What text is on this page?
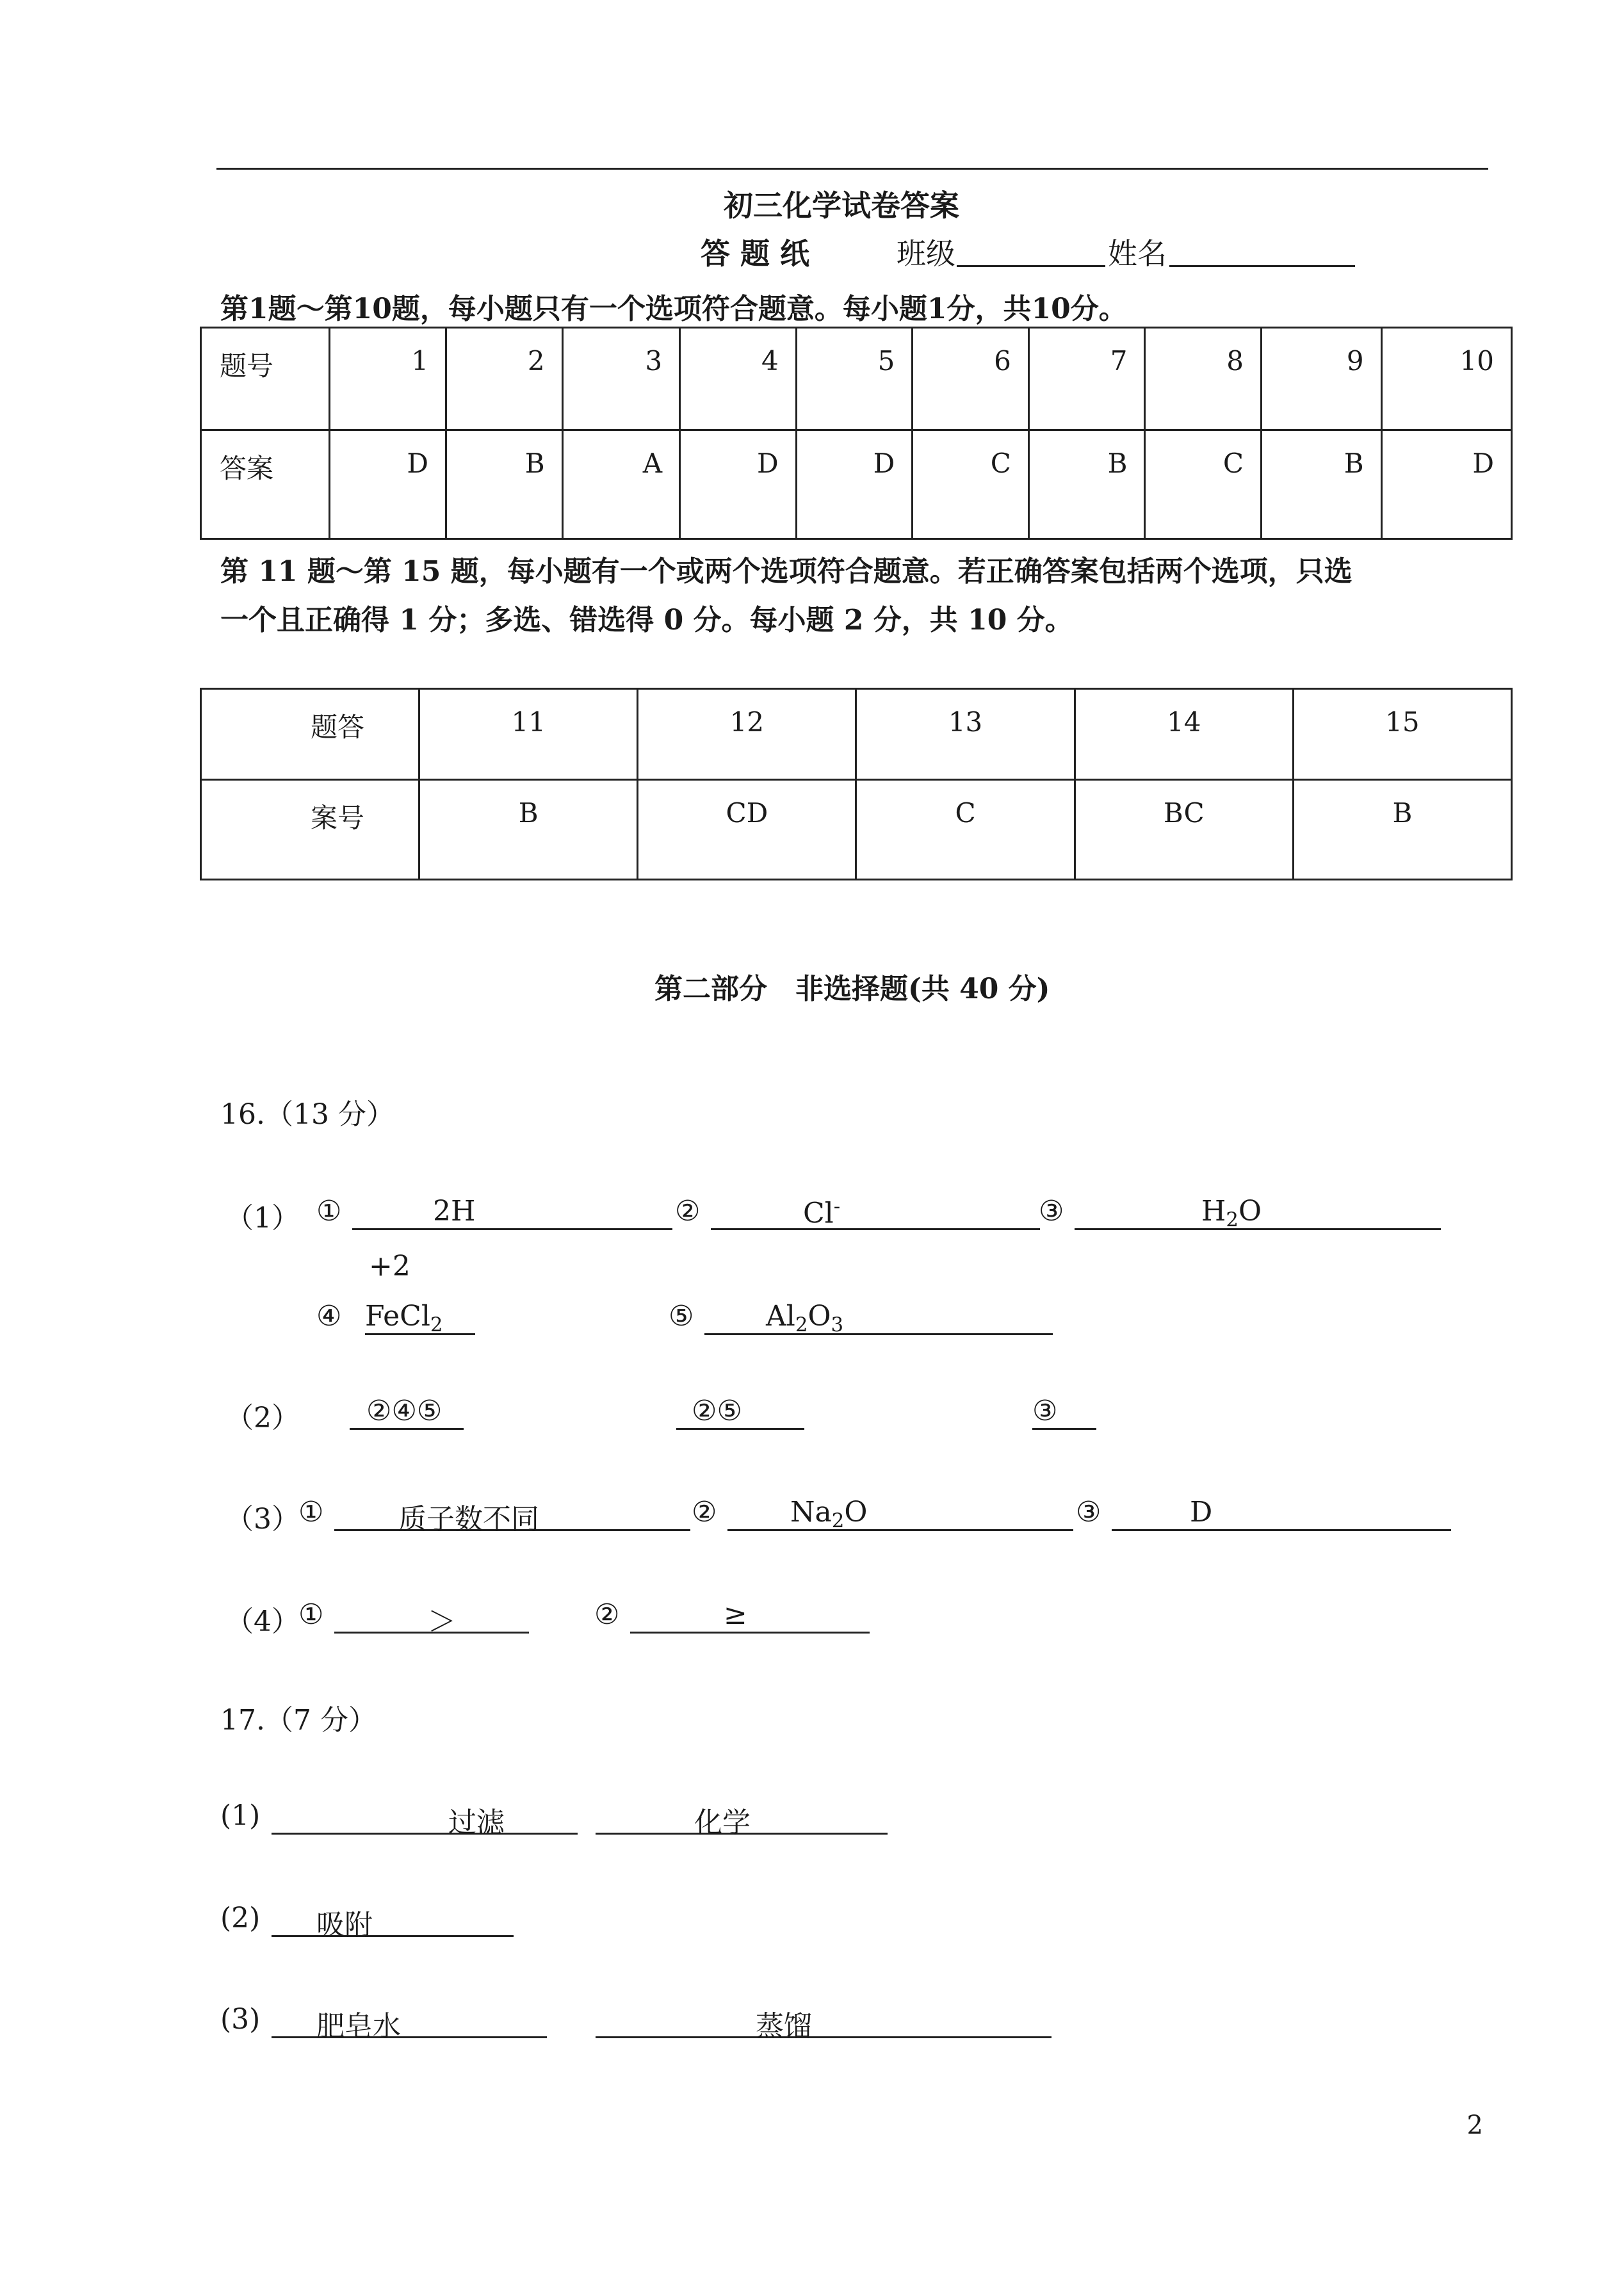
初三化学试卷答案
答 题 纸	班级	姓名
第1题～第10题，每小题只有一个选项符合题意。每小题1分，共10分。
题号	1	2	3	4	5	6	7	8	9	10

答案	D	B	A	D	D	C	B	C	B	D
第 11 题～第 15 题，每小题有一个或两个选项符合题意。若正确答案包括两个选项，只选
一个且正确得 1 分；多选、错选得 0 分。每小题 2 分，共 10 分。
题答	11	12	13	14	15

案号	B	CD	C	BC	B
第二部分　非选择题(共 40 分)
16.（13 分）
（1） ①	2H	②	Cl-	③	$H_2O$
+2
④ FeCl$_2$	⑤	$Al_2O_3$
（2） ②④⑤	②⑤	③
（3）
①	质子数不同	②	$Na_2O$	③	D
（4）
①	＞	②	≥
17.（7 分）
(1)	过滤	化学
(2) 吸附
(3) 肥皂水	蒸馏
2
